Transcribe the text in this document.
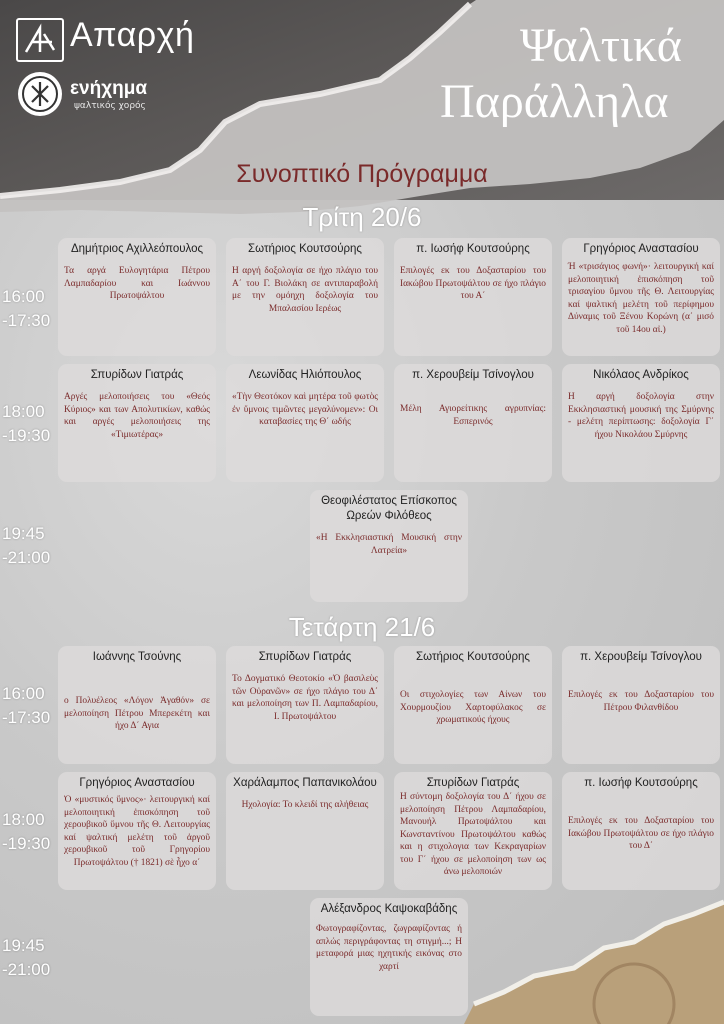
Απαρχή
ενήχημα
ψαλτικός χορός
Ψαλτικά
Παράλληλα
Συνοπτικό Πρόγραμμα
Τρίτη 20/6
16:00
-17:30
Δημήτριος Αχιλλεόπουλος
Τα αργά Ευλογητάρια Πέτρου Λαμπαδαρίου και Ιωάννου Πρωτοψάλτου
Σωτήριος Κουτσούρης
Η αργή δοξολογία σε ήχο πλάγιο του Α΄ του Γ. Βιολάκη σε αντιπαραβολή με την ομόηχη δοξολογία του Μπαλασίου Ιερέως
π. Ιωσήφ Κουτσούρης
Επιλογές εκ του Δοξασταρίου του Ιακώβου Πρωτοψάλτου σε ήχο πλάγιο του Α΄
Γρηγόριος Αναστασίου
Ή «τρισάγιος φωνή»· λειτουργική καί μελοποιητική ἐπισκόπηση τοῦ τρισαγίου ὕμνου τῆς Θ. Λειτουργίας καί ψαλτική μελέτη τοῦ περίφημου Δύναμις τοῦ Ξένου Κορώνη (α΄ μισό τοῦ 14ου αἰ.)
18:00
-19:30
Σπυρίδων Γιατράς
Αργές μελοποιήσεις του «Θεός Κύριος» και των Απολυτικίων, καθώς και αργές μελοποιήσεις της «Τιμιωτέρας»
Λεωνίδας Ηλιόπουλος
«Τὴν Θεοτόκον καὶ μητέρα τοῦ φωτὸς ἐν ὕμνοις τιμῶντες μεγαλύνομεν»: Οι καταβασίες της Θ΄ ωδής
π. Χερουβείμ Τσίνογλου
Μέλη Αγιορείτικης αγρυπνίας: Εσπερινός
Νικόλαος Ανδρίκος
Η αργή δοξολογία στην Εκκλησιαστική μουσική της Σμύρνης - μελέτη περίπτωσης: δοξολογία Γ΄ ήχου Νικολάου Σμύρνης
19:45
-21:00
Θεοφιλέστατος Επίσκοπος Ωρεών Φιλόθεος
«Η Εκκλησιαστική Μουσική στην Λατρεία»
Τετάρτη 21/6
16:00
-17:30
Ιωάννης Τσούνης
ο Πολυέλεος «Λόγον Ἀγαθόν» σε μελοποίηση Πέτρου Μπερεκέτη και ήχο Δ΄ Αγια
Σπυρίδων Γιατράς
Το Δογματικό Θεοτοκίο «Ὁ βασιλεὺς τῶν Οὐρανῶν» σε ήχο πλάγιο του Δ΄ και μελοποίηση των Π. Λαμπαδαρίου, Ι. Πρωτοψάλτου
Σωτήριος Κουτσούρης
Οι στιχολογίες των Αίνων του Χουρμουζίου Χαρτοφύλακος σε χρωματικούς ήχους
π. Χερουβείμ Τσίνογλου
Επιλογές εκ του Δοξασταρίου του Πέτρου Φιλανθίδου
18:00
-19:30
Γρηγόριος Αναστασίου
Ὁ «μυστικός ὕμνος»· λειτουργική καί μελοποιητική ἐπισκόπηση τοῦ χερουβικοῦ ὕμνου τῆς Θ. Λειτουργίας καί ψαλτική μελέτη τοῦ ἀργοῦ χερουβικοῦ τοῦ Γρηγορίου Πρωτοψάλτου († 1821) σὲ ἦχο α΄
Χαράλαμπος Παπανικολάου
Ηχολογία: Το κλειδί της αλήθειας
Σπυρίδων Γιατράς
Η σύντομη δοξολογία του Δ΄ ήχου σε μελοποίηση Πέτρου Λαμπαδαρίου, Μανουήλ Πρωτοψάλτου και Κωνσταντίνου Πρωτοψάλτου καθώς και η στιχολογια των Κεκραγαρίων του Γ΄ ήχου σε μελοποίηση των ως άνω μελοποιών
π. Ιωσήφ Κουτσούρης
Επιλογές εκ του Δοξασταρίου του Ιακώβου Πρωτοψάλτου σε ήχο πλάγιο του Δ΄
19:45
-21:00
Αλέξανδρος Καψοκαβάδης
Φωτογραφίζοντας, ζωγραφίζοντας ή απλώς περιγράφοντας τη στιγμή...; Η μεταφορά μιας ηχητικής εικόνας στο χαρτί
